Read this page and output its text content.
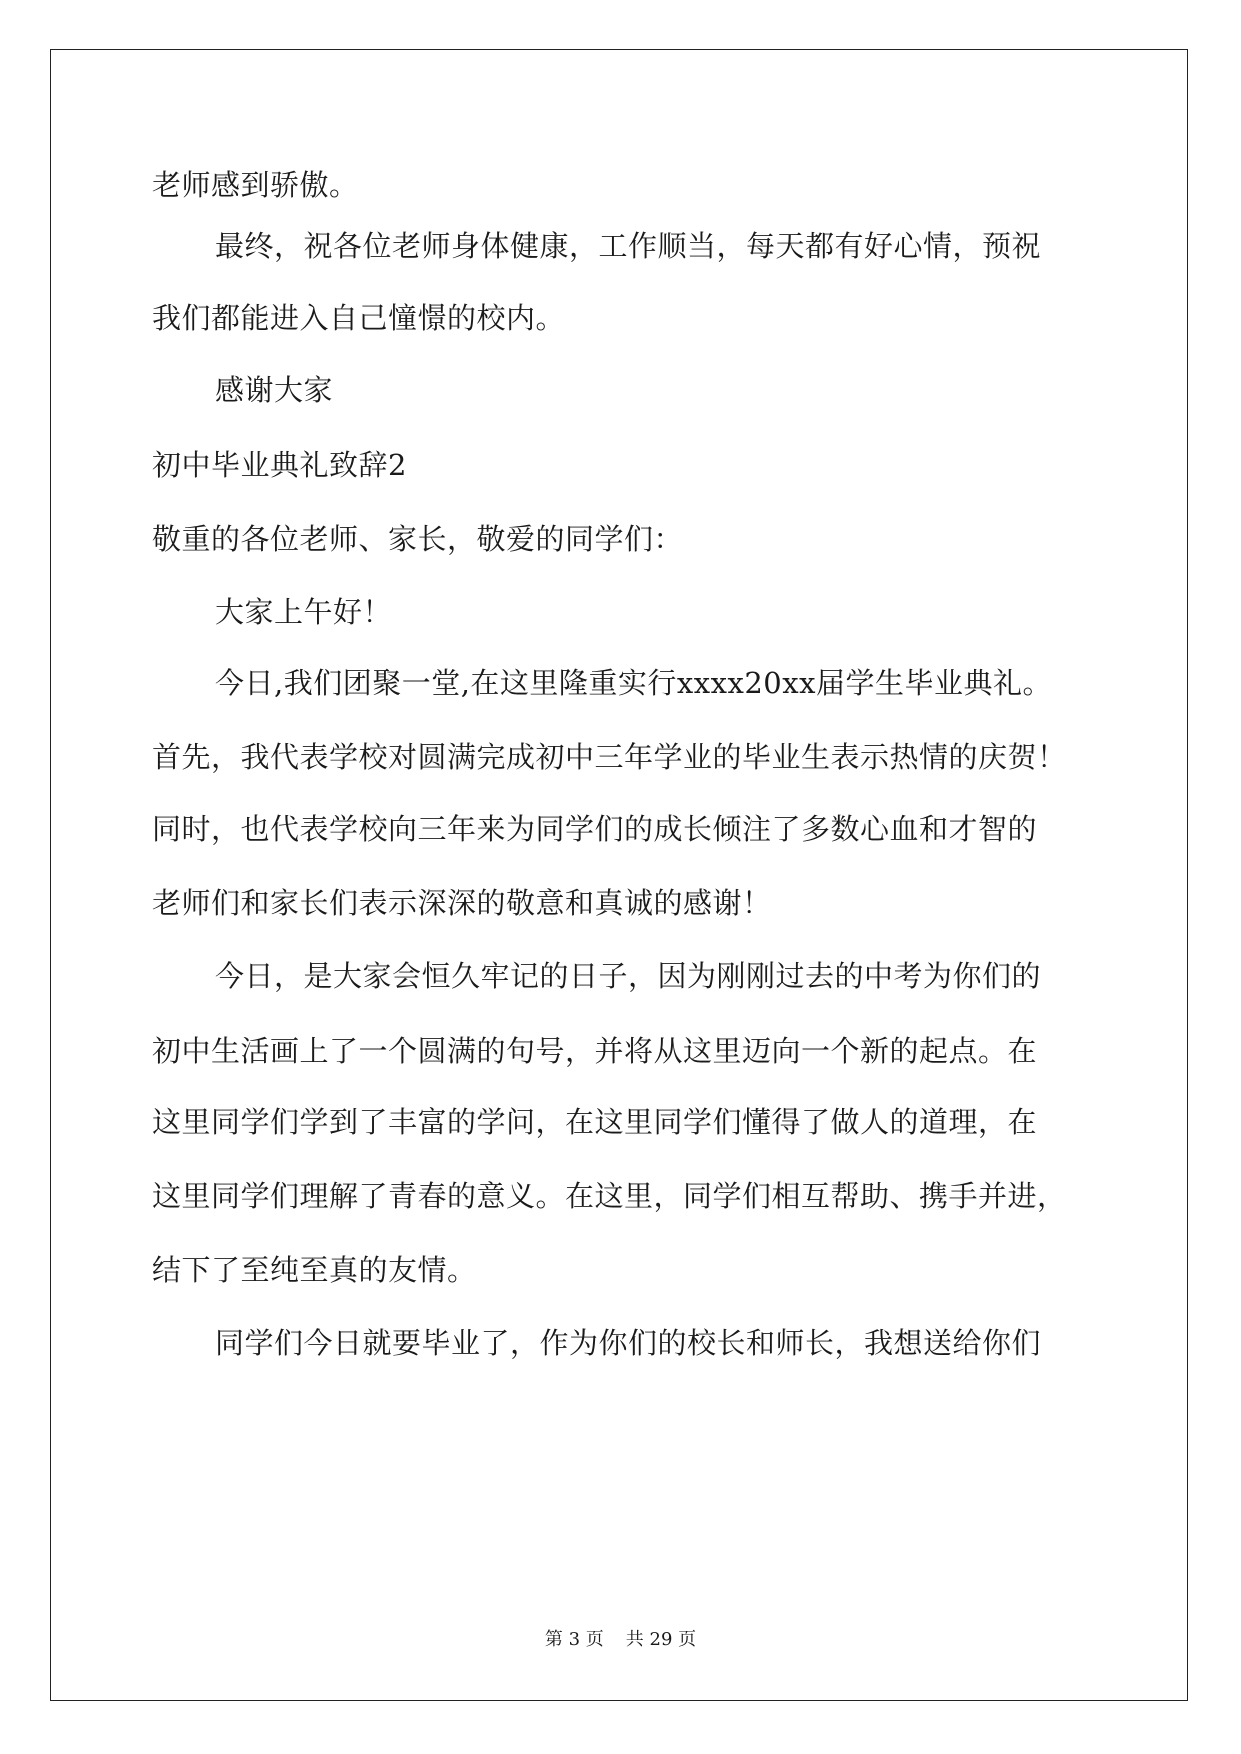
老师感到骄傲。
最终，祝各位老师身体健康，工作顺当，每天都有好心情，预祝
我们都能进入自己憧憬的校内。
感谢大家
初中毕业典礼致辞2
敬重的各位老师、家长，敬爱的同学们：
大家上午好！
今日,我们团聚一堂,在这里隆重实行xxxx20xx届学生毕业典礼。
首先，我代表学校对圆满完成初中三年学业的毕业生表示热情的庆贺！
同时，也代表学校向三年来为同学们的成长倾注了多数心血和才智的
老师们和家长们表示深深的敬意和真诚的感谢！
今日，是大家会恒久牢记的日子，因为刚刚过去的中考为你们的
初中生活画上了一个圆满的句号，并将从这里迈向一个新的起点。在
这里同学们学到了丰富的学问，在这里同学们懂得了做人的道理，在
这里同学们理解了青春的意义。在这里，同学们相互帮助、携手并进，
结下了至纯至真的友情。
同学们今日就要毕业了，作为你们的校长和师长，我想送给你们
第 3 页 共 29 页
